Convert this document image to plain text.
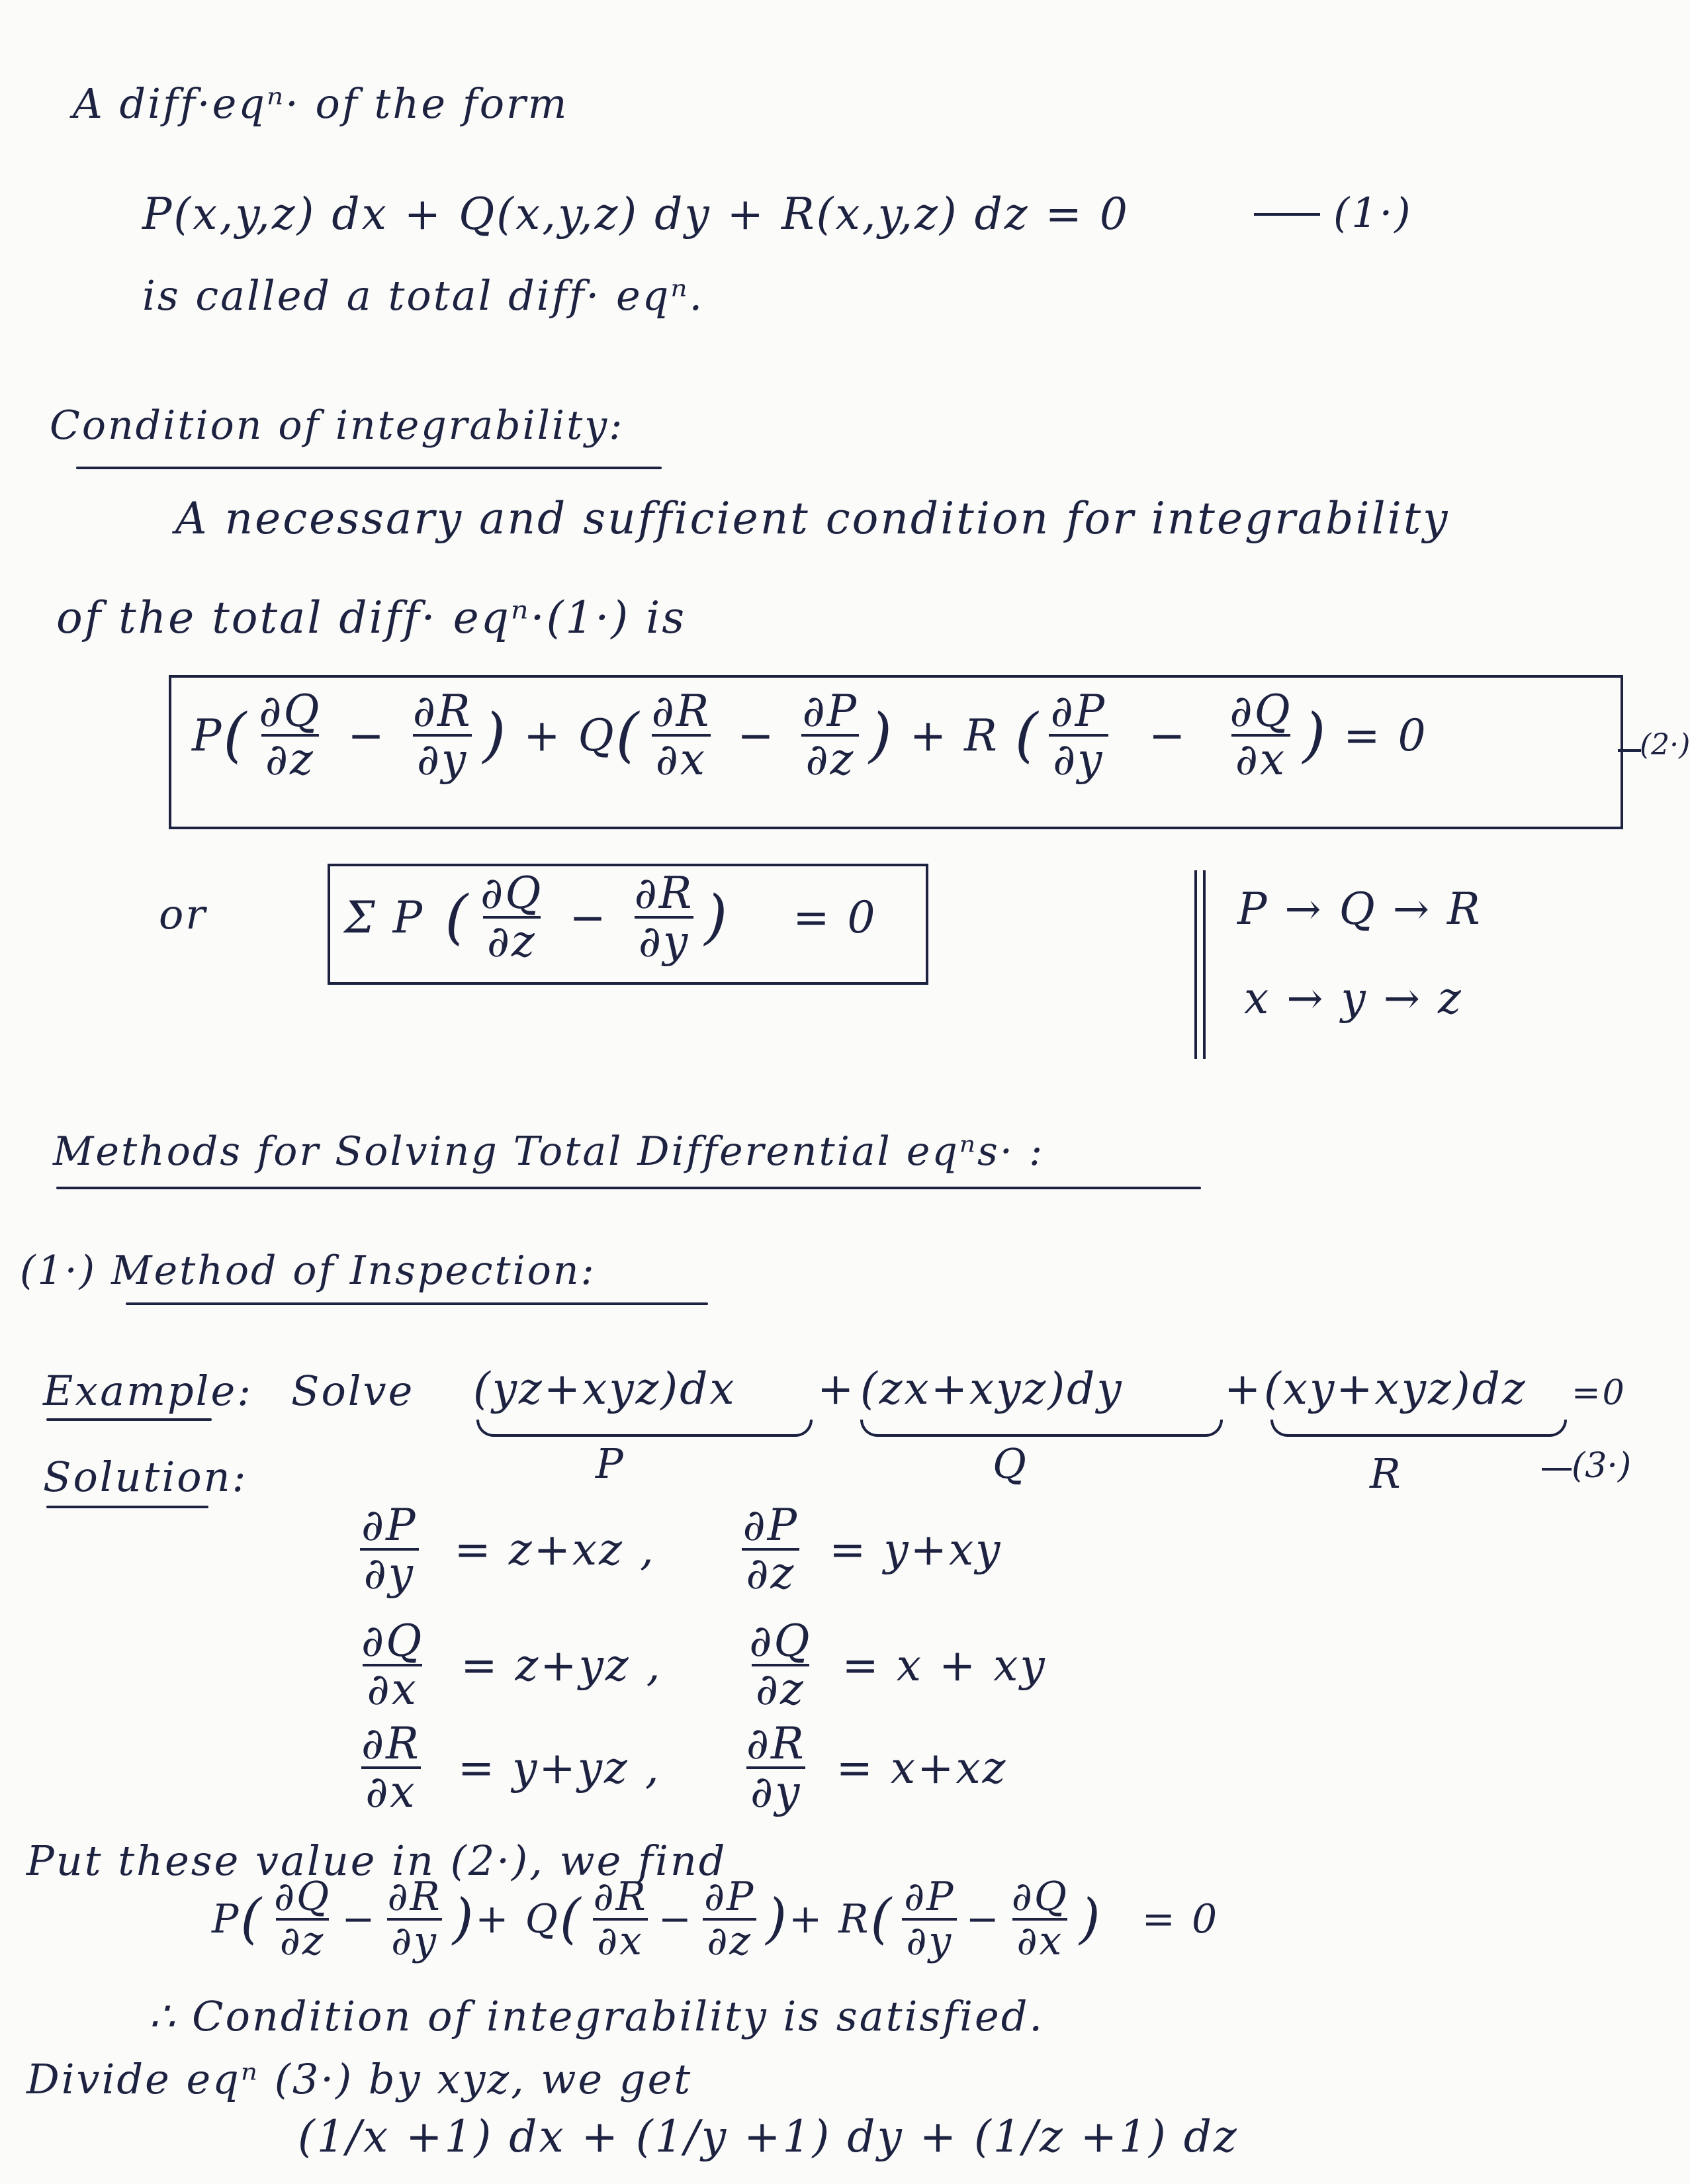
A diff·eqⁿ· of the form
P(x,y,z) dx + Q(x,y,z) dy + R(x,y,z) dz = 0	(1·)
is called a total diff· eqⁿ.
Condition of integrability:
A necessary and sufficient condition for integrability
of the total diff· eqⁿ·(1·) is
P ( $\frac{\partial Q}{\partial z} - \frac{\partial R}{\partial y}$ ) + Q ( $\frac{\partial R}{\partial x} - \frac{\partial P}{\partial z}$ ) + R ( $\frac{\partial P}{\partial y} - \frac{\partial Q}{\partial x}$ ) = 0	(2·)
or	Σ P ( $\frac{\partial Q}{\partial z} - \frac{\partial R}{\partial y}$ )
= 0	P → Q → R
x → y → z
Methods for Solving Total Differential eqⁿs· :
(1·) Method of Inspection:
Example: Solve (yz+xyz)dx + (zx+xyz)dy + (xy+xyz)dz =0
P	Q	R	(3·)
Solution:
$\frac{\partial P}{\partial y} = z+xz$ ,	$\frac{\partial P}{\partial z} = y+xy$
$\frac{\partial Q}{\partial x} = z+yz$ ,	$\frac{\partial Q}{\partial z} = x$ + xy
$\frac{\partial R}{\partial x} = y+yz$ ,	$\frac{\partial R}{\partial y} = x+xz$
Put these value in (2·), we find
P ( $\frac{\partial Q}{\partial z} - \frac{\partial R}{\partial y}$ ) + Q ( $\frac{\partial R}{\partial x} - \frac{\partial P}{\partial z}$ ) + R ( $\frac{\partial P}{\partial y} - \frac{\partial Q}{\partial x}$ ) = 0
∴ Condition of integrability is satisfied.
Divide eqⁿ (3·) by xyz, we get
(1/x +1) dx + (1/y +1) dy + (1/z +1) dz
